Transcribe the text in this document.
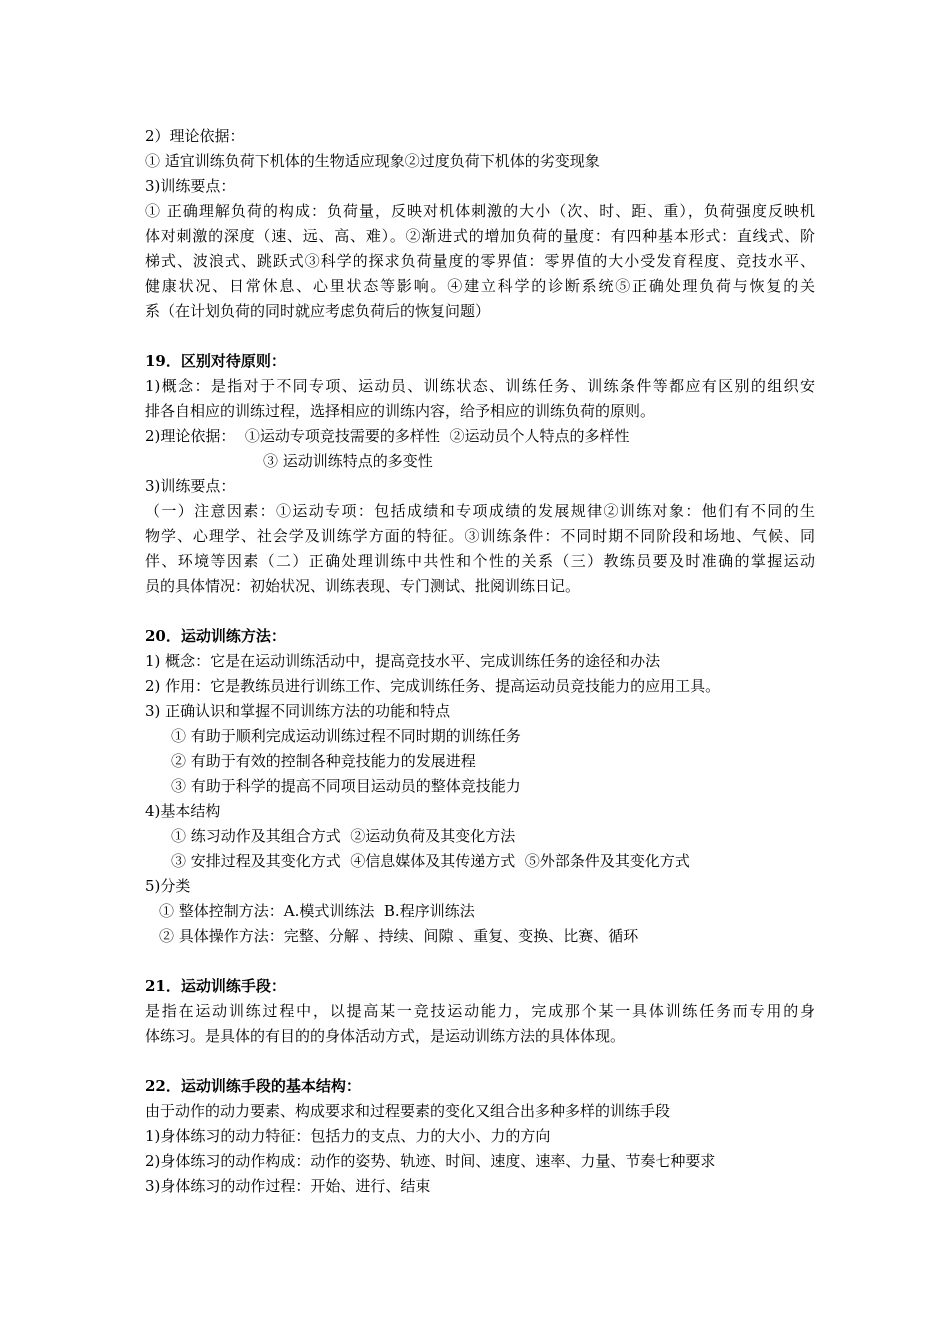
2）理论依据：
① 适宜训练负荷下机体的生物适应现象②过度负荷下机体的劣变现象
3)训练要点：
① 正确理解负荷的构成：负荷量，反映对机体刺激的大小（次、时、距、重），负荷强度反映机
体对刺激的深度（速、远、高、难）。②渐进式的增加负荷的量度：有四种基本形式：直线式、阶
梯式、波浪式、跳跃式③科学的探求负荷量度的零界值：零界值的大小受发育程度、竞技水平、
健康状况、日常休息、心里状态等影响。④建立科学的诊断系统⑤正确处理负荷与恢复的关
系（在计划负荷的同时就应考虑负荷后的恢复问题）
19．区别对待原则：
1)概念：是指对于不同专项、运动员、训练状态、训练任务、训练条件等都应有区别的组织安
排各自相应的训练过程，选择相应的训练内容，给予相应的训练负荷的原则。
2)理论依据：  ①运动专项竞技需要的多样性  ②运动员个人特点的多样性
③ 运动训练特点的多变性
3)训练要点：
（一）注意因素：①运动专项：包括成绩和专项成绩的发展规律②训练对象：他们有不同的生
物学、心理学、社会学及训练学方面的特征。③训练条件：不同时期不同阶段和场地、气候、同
伴、环境等因素（二）正确处理训练中共性和个性的关系（三）教练员要及时准确的掌握运动
员的具体情况：初始状况、训练表现、专门测试、批阅训练日记。
20．运动训练方法：
1) 概念：它是在运动训练活动中，提高竞技水平、完成训练任务的途径和办法
2) 作用：它是教练员进行训练工作、完成训练任务、提高运动员竞技能力的应用工具。
3) 正确认识和掌握不同训练方法的功能和特点
① 有助于顺利完成运动训练过程不同时期的训练任务
② 有助于有效的控制各种竞技能力的发展进程
③ 有助于科学的提高不同项目运动员的整体竞技能力
4)基本结构
① 练习动作及其组合方式  ②运动负荷及其变化方法
③ 安排过程及其变化方式  ④信息媒体及其传递方式  ⑤外部条件及其变化方式
5)分类
① 整体控制方法：A.模式训练法  B.程序训练法
② 具体操作方法：完整、分解 、持续、间隙 、重复、变换、比赛、循环
21．运动训练手段：
是指在运动训练过程中，以提高某一竞技运动能力，完成那个某一具体训练任务而专用的身
体练习。是具体的有目的的身体活动方式，是运动训练方法的具体体现。
22．运动训练手段的基本结构：
由于动作的动力要素、构成要求和过程要素的变化又组合出多种多样的训练手段
1)身体练习的动力特征：包括力的支点、力的大小、力的方向
2)身体练习的动作构成：动作的姿势、轨迹、时间、速度、速率、力量、节奏七种要求
3)身体练习的动作过程：开始、进行、结束
